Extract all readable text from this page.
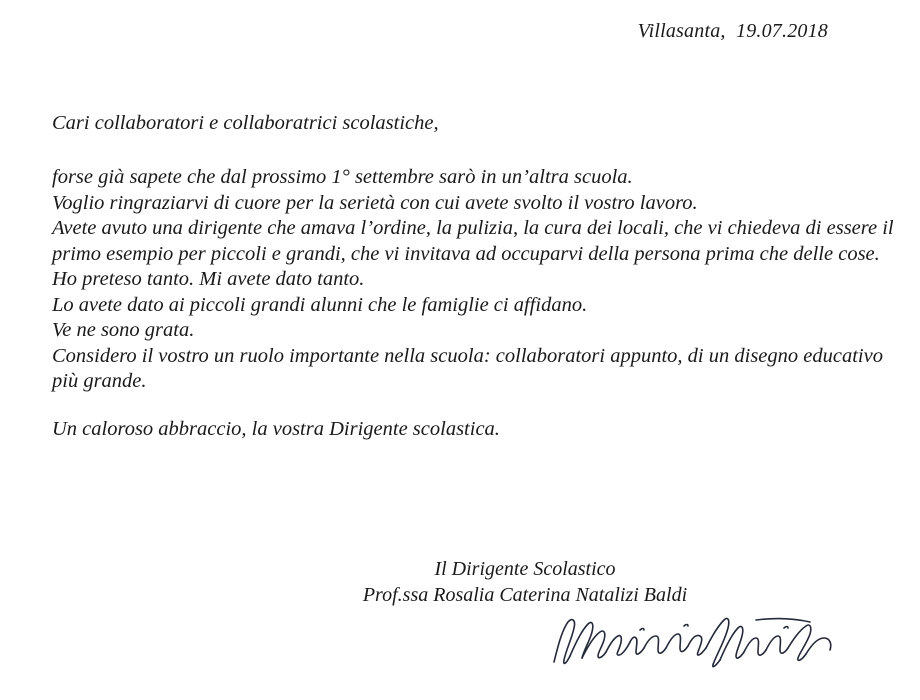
Villasanta,  19.07.2018
Cari collaboratori e collaboratrici scolastiche,

forse già sapete che dal prossimo 1° settembre sarò in un’altra scuola.

Voglio ringraziarvi di cuore per la serietà con cui avete svolto il vostro lavoro.

Avete avuto una dirigente che amava l’ordine, la pulizia, la cura dei locali, che vi chiedeva di essere il primo esempio per piccoli e grandi, che vi invitava ad occuparvi della persona prima che delle cose.

Ho preteso tanto. Mi avete dato tanto.

Lo avete dato ai piccoli grandi alunni che le famiglie ci affidano.

Ve ne sono grata.

Considero il vostro un ruolo importante nella scuola: collaboratori appunto, di un disegno educativo più grande.

Un caloroso abbraccio, la vostra Dirigente scolastica.

Il Dirigente Scolastico
Prof.ssa Rosalia Caterina Natalizi Baldi
